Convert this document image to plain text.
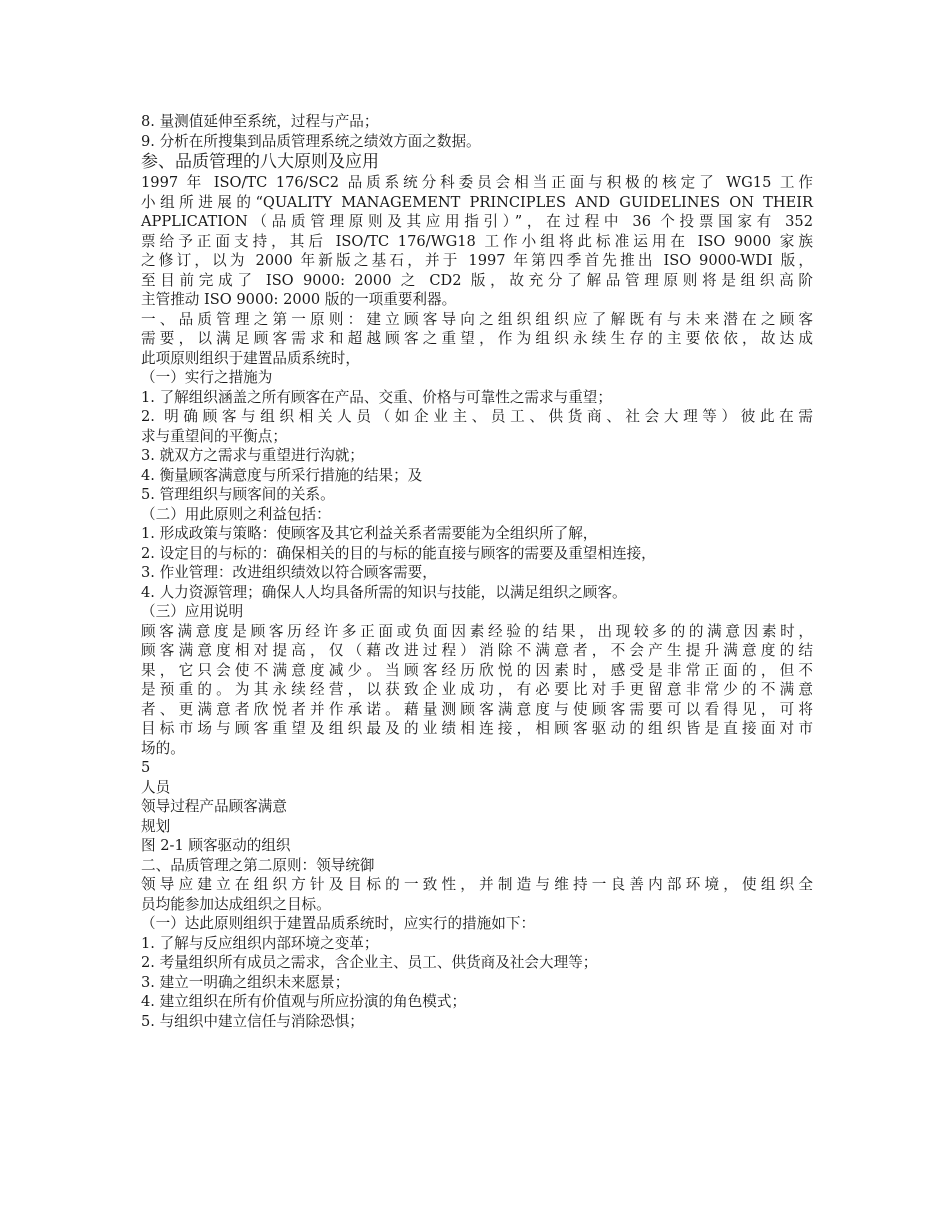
8. 量测值延伸至系统，过程与产品；

9. 分析在所搜集到品质管理系统之绩效方面之数据。

参、品质管理的八大原则及应用

1997 年 ISO/TC 176/SC2 品质系统分科委员会相当正面与积极的核定了 WG15 工作

小组所进展的“QUALITY MANAGEMENT PRINCIPLES AND GUIDELINES ON THEIR

APPLICATION（品质管理原则及其应用指引）”，在过程中 36 个投票国家有 352

票给予正面支持，其后 ISO/TC 176/WG18 工作小组将此标准运用在 ISO 9000 家族

之修订，以为 2000 年新版之基石，并于 1997 年第四季首先推出 ISO 9000-WDI 版，

至目前完成了 ISO 9000: 2000 之 CD2 版，故充分了解品管理原则将是组织高阶

主管推动 ISO 9000: 2000 版的一项重要利器。

一、品质管理之第一原则：建立顾客导向之组织组织应了解既有与未来潜在之顾客

需要，以满足顾客需求和超越顾客之重望，作为组织永续生存的主要依依，故达成

此项原则组织于建置品质系统时，

（一）实行之措施为

1. 了解组织涵盖之所有顾客在产品、交重、价格与可靠性之需求与重望；

2. 明确顾客与组织相关人员（如企业主、员工、供货商、社会大理等）彼此在需

求与重望间的平衡点；

3. 就双方之需求与重望进行沟就；

4. 衡量顾客满意度与所采行措施的结果；及

5. 管理组织与顾客间的关系。

（二）用此原则之利益包括：

1. 形成政策与策略：使顾客及其它利益关系者需要能为全组织所了解，

2. 设定目的与标的：确保相关的目的与标的能直接与顾客的需要及重望相连接，

3. 作业管理：改进组织绩效以符合顾客需要，

4. 人力资源管理；确保人人均具备所需的知识与技能，以满足组织之顾客。

（三）应用说明

顾客满意度是顾客历经许多正面或负面因素经验的结果，出现较多的的满意因素时，

顾客满意度相对提高，仅（藉改进过程）消除不满意者，不会产生提升满意度的结

果，它只会使不满意度减少。当顾客经历欣悦的因素时，感受是非常正面的，但不

是预重的。为其永续经营，以获致企业成功，有必要比对手更留意非常少的不满意

者、更满意者欣悦者并作承诺。藉量测顾客满意度与使顾客需要可以看得见，可将

目标市场与顾客重望及组织最及的业绩相连接，相顾客驱动的组织皆是直接面对市

场的。

5

人员

领导过程产品顾客满意

规划

图 2-1 顾客驱动的组织

二、品质管理之第二原则：领导统御

领导应建立在组织方针及目标的一致性，并制造与维持一良善内部环境，使组织全

员均能参加达成组织之目标。

（一）达此原则组织于建置品质系统时，应实行的措施如下：

1. 了解与反应组织内部环境之变革；

2. 考量组织所有成员之需求，含企业主、员工、供货商及社会大理等；

3. 建立一明确之组织未来愿景；

4. 建立组织在所有价值观与所应扮演的角色模式；

5. 与组织中建立信任与消除恐惧；
